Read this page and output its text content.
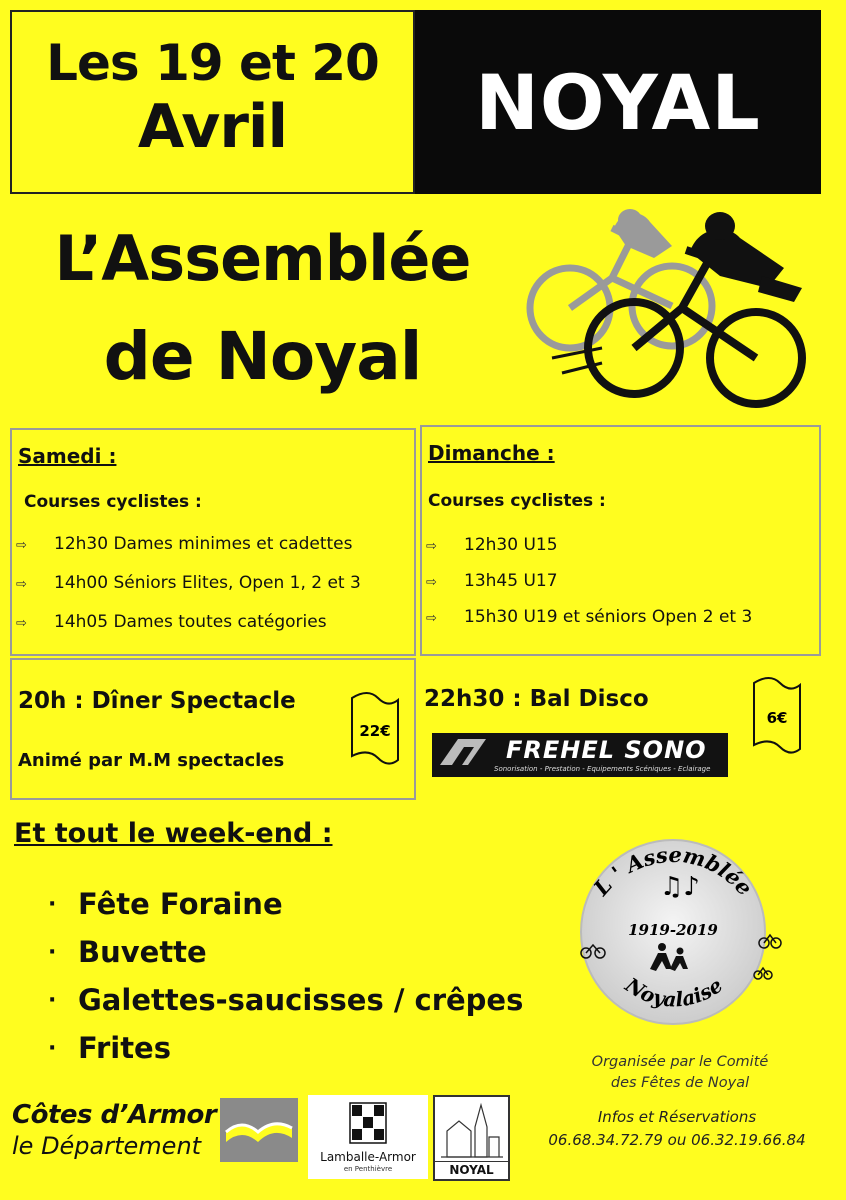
Les 19 et 20
Avril	NOYAL
L’Assemblée
de Noyal
Samedi :
Courses cyclistes :
⇨	12h30 Dames minimes et cadettes
⇨	14h00 Séniors Elites, Open 1, 2 et 3
⇨	14h05 Dames toutes catégories
Dimanche :
Courses cyclistes :
⇨	12h30 U15
⇨	13h45 U17
⇨	15h30 U19 et séniors Open 2 et 3
20h : Dîner Spectacle
Animé par M.M spectacles
22€
22h30 : Bal Disco
6€
FREHEL SONO
Sonorisation - Prestation - Equipements Scéniques - Eclairage
Et tout le week-end :
· Fête Foraine
· Buvette
· Galettes-saucisses / crêpes
· Frites
L ' Assemblée
Noyalaise
1919-2019
♫♪
Organisée par le Comité
des Fêtes de Noyal
Infos et Réservations
06.68.34.72.79 ou 06.32.19.66.84
Côtes d’Armor
le Département	Lamballe-Armor
en Penthièvre	NOYAL
